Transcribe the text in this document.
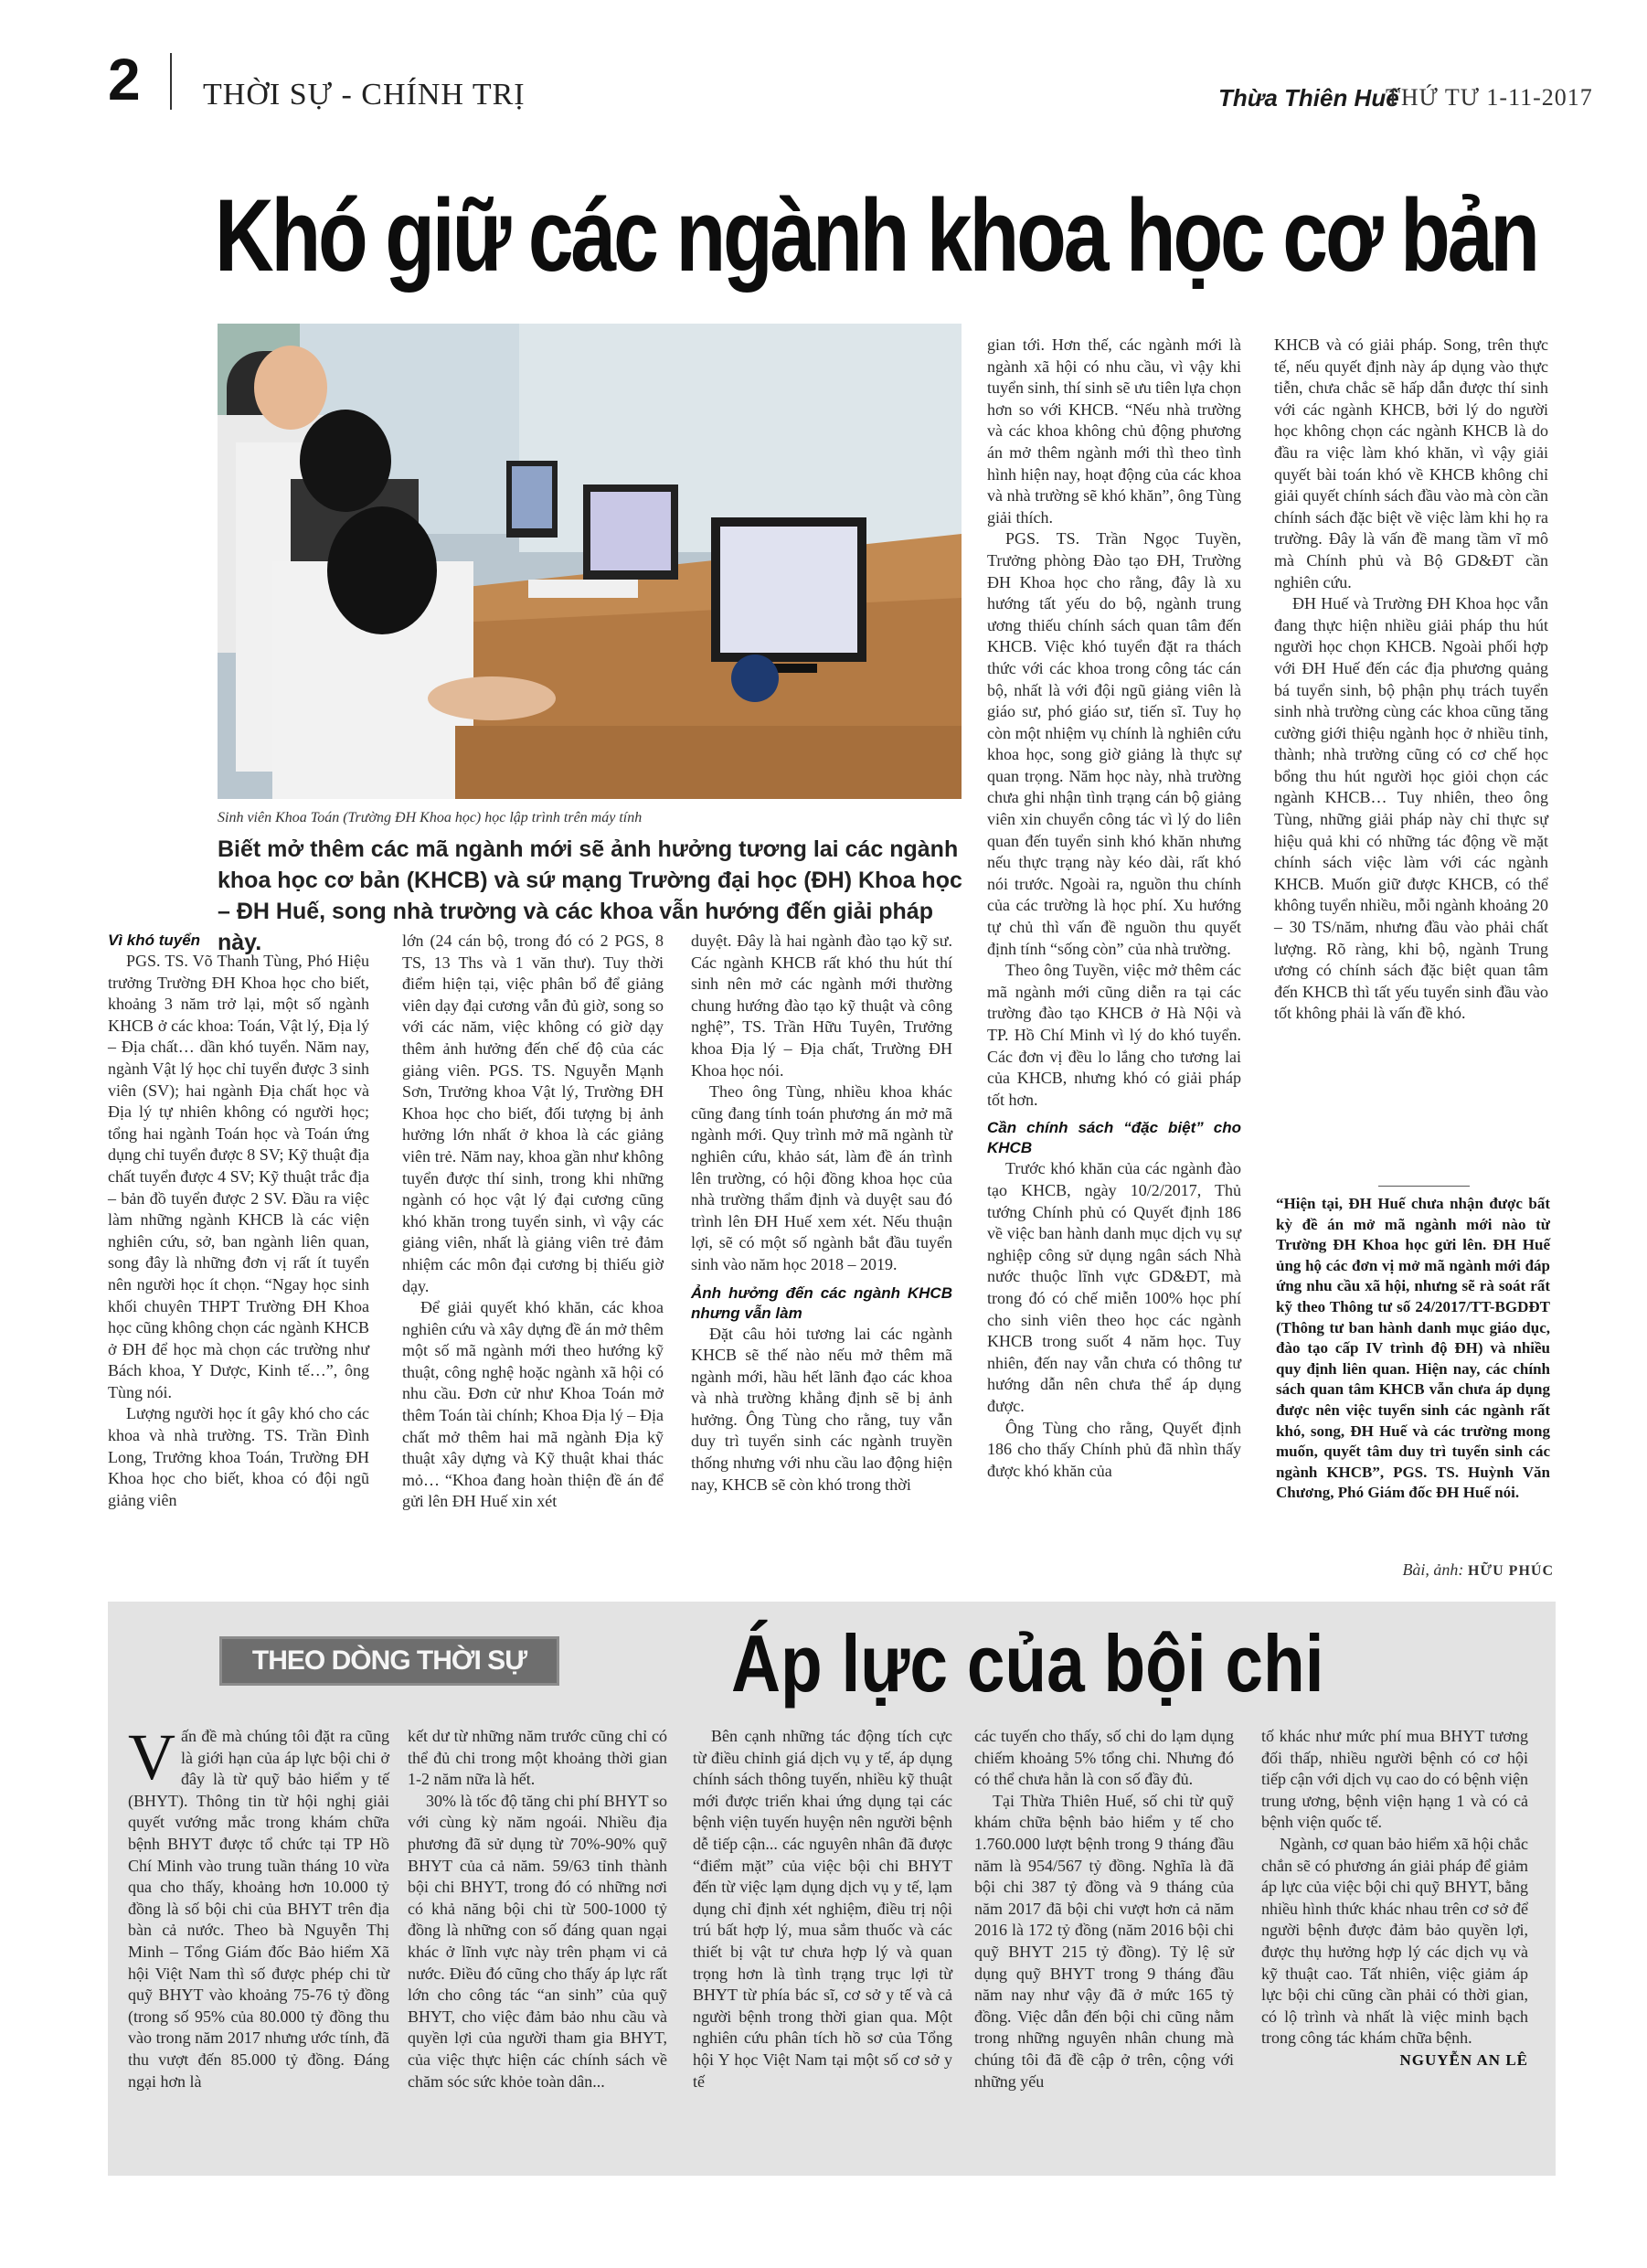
2 THỜI SỰ - CHÍNH TRỊ	Thừa Thiên Huế
THỨ TƯ 1-11-2017
Khó giữ các ngành khoa học cơ bản
Sinh viên Khoa Toán (Trường ĐH Khoa học) học lập trình trên máy tính
Biết mở thêm các mã ngành mới sẽ ảnh hưởng tương lai các ngành khoa học cơ bản (KHCB) và sứ mạng Trường đại học (ĐH) Khoa học – ĐH Huế, song nhà trường và các khoa vẫn hướng đến giải pháp này.
Vì khó tuyển

PGS. TS. Võ Thanh Tùng, Phó Hiệu trưởng Trường ĐH Khoa học cho biết, khoảng 3 năm trở lại, một số ngành KHCB ở các khoa: Toán, Vật lý, Địa lý – Địa chất… dần khó tuyển. Năm nay, ngành Vật lý học chỉ tuyển được 3 sinh viên (SV); hai ngành Địa chất học và Địa lý tự nhiên không có người học; tổng hai ngành Toán học và Toán ứng dụng chỉ tuyển được 8 SV; Kỹ thuật địa chất tuyển được 4 SV; Kỹ thuật trắc địa – bản đồ tuyển được 2 SV. Đầu ra việc làm những ngành KHCB là các viện nghiên cứu, sở, ban ngành liên quan, song đây là những đơn vị rất ít tuyển nên người học ít chọn. “Ngay học sinh khối chuyên THPT Trường ĐH Khoa học cũng không chọn các ngành KHCB ở ĐH để học mà chọn các trường như Bách khoa, Y Dược, Kinh tế…”, ông Tùng nói.

Lượng người học ít gây khó cho các khoa và nhà trường. TS. Trần Đình Long, Trưởng khoa Toán, Trường ĐH Khoa học cho biết, khoa có đội ngũ giảng viên

lớn (24 cán bộ, trong đó có 2 PGS, 8 TS, 13 Ths và 1 văn thư). Tuy thời điểm hiện tại, việc phân bổ để giảng viên dạy đại cương vẫn đủ giờ, song so với các năm, việc không có giờ dạy thêm ảnh hưởng đến chế độ của các giảng viên. PGS. TS. Nguyễn Mạnh Sơn, Trưởng khoa Vật lý, Trường ĐH Khoa học cho biết, đối tượng bị ảnh hưởng lớn nhất ở khoa là các giảng viên trẻ. Năm nay, khoa gần như không tuyển được thí sinh, trong khi những ngành có học vật lý đại cương cũng khó khăn trong tuyển sinh, vì vậy các giảng viên, nhất là giảng viên trẻ đảm nhiệm các môn đại cương bị thiếu giờ dạy.

Để giải quyết khó khăn, các khoa nghiên cứu và xây dựng đề án mở thêm một số mã ngành mới theo hướng kỹ thuật, công nghệ hoặc ngành xã hội có nhu cầu. Đơn cử như Khoa Toán mở thêm Toán tài chính; Khoa Địa lý – Địa chất mở thêm hai mã ngành Địa kỹ thuật xây dựng và Kỹ thuật khai thác mỏ… “Khoa đang hoàn thiện đề án để gửi lên ĐH Huế xin xét

duyệt. Đây là hai ngành đào tạo kỹ sư. Các ngành KHCB rất khó thu hút thí sinh nên mở các ngành mới thường chung hướng đào tạo kỹ thuật và công nghệ”, TS. Trần Hữu Tuyên, Trưởng khoa Địa lý – Địa chất, Trường ĐH Khoa học nói.

Theo ông Tùng, nhiều khoa khác cũng đang tính toán phương án mở mã ngành mới. Quy trình mở mã ngành từ nghiên cứu, khảo sát, làm đề án trình lên trường, có hội đồng khoa học của nhà trường thẩm định và duyệt sau đó trình lên ĐH Huế xem xét. Nếu thuận lợi, sẽ có một số ngành bắt đầu tuyển sinh vào năm học 2018 – 2019.

Ảnh hưởng đến các ngành KHCB nhưng vẫn làm

Đặt câu hỏi tương lai các ngành KHCB sẽ thế nào nếu mở thêm mã ngành mới, hầu hết lãnh đạo các khoa và nhà trường khẳng định sẽ bị ảnh hưởng. Ông Tùng cho rằng, tuy vẫn duy trì tuyển sinh các ngành truyền thống nhưng với nhu cầu lao động hiện nay, KHCB sẽ còn khó trong thời

gian tới. Hơn thế, các ngành mới là ngành xã hội có nhu cầu, vì vậy khi tuyển sinh, thí sinh sẽ ưu tiên lựa chọn hơn so với KHCB. “Nếu nhà trường và các khoa không chủ động phương án mở thêm ngành mới thì theo tình hình hiện nay, hoạt động của các khoa và nhà trường sẽ khó khăn”, ông Tùng giải thích.

PGS. TS. Trần Ngọc Tuyền, Trưởng phòng Đào tạo ĐH, Trường ĐH Khoa học cho rằng, đây là xu hướng tất yếu do bộ, ngành trung ương thiếu chính sách quan tâm đến KHCB. Việc khó tuyển đặt ra thách thức với các khoa trong công tác cán bộ, nhất là với đội ngũ giảng viên là giáo sư, phó giáo sư, tiến sĩ. Tuy họ còn một nhiệm vụ chính là nghiên cứu khoa học, song giờ giảng là thực sự quan trọng. Năm học này, nhà trường chưa ghi nhận tình trạng cán bộ giảng viên xin chuyển công tác vì lý do liên quan đến tuyển sinh khó khăn nhưng nếu thực trạng này kéo dài, rất khó nói trước. Ngoài ra, nguồn thu chính của các trường là học phí. Xu hướng tự chủ thì vấn đề nguồn thu quyết định tính “sống còn” của nhà trường.

Theo ông Tuyền, việc mở thêm các mã ngành mới cũng diễn ra tại các trường đào tạo KHCB ở Hà Nội và TP. Hồ Chí Minh vì lý do khó tuyển. Các đơn vị đều lo lắng cho tương lai của KHCB, nhưng khó có giải pháp tốt hơn.

Cần chính sách “đặc biệt” cho KHCB

Trước khó khăn của các ngành đào tạo KHCB, ngày 10/2/2017, Thủ tướng Chính phủ có Quyết định 186 về việc ban hành danh mục dịch vụ sự nghiệp công sử dụng ngân sách Nhà nước thuộc lĩnh vực GD&ĐT, mà trong đó có chế miễn 100% học phí cho sinh viên theo học các ngành KHCB trong suốt 4 năm học. Tuy nhiên, đến nay vẫn chưa có thông tư hướng dẫn nên chưa thể áp dụng được.

Ông Tùng cho rằng, Quyết định 186 cho thấy Chính phủ đã nhìn thấy được khó khăn của

KHCB và có giải pháp. Song, trên thực tế, nếu quyết định này áp dụng vào thực tiễn, chưa chắc sẽ hấp dẫn được thí sinh với các ngành KHCB, bởi lý do người học không chọn các ngành KHCB là do đầu ra việc làm khó khăn, vì vậy giải quyết bài toán khó về KHCB không chỉ giải quyết chính sách đầu vào mà còn cần chính sách đặc biệt về việc làm khi họ ra trường. Đây là vấn đề mang tầm vĩ mô mà Chính phủ và Bộ GD&ĐT cần nghiên cứu.

ĐH Huế và Trường ĐH Khoa học vẫn đang thực hiện nhiều giải pháp thu hút người học chọn KHCB. Ngoài phối hợp với ĐH Huế đến các địa phương quảng bá tuyển sinh, bộ phận phụ trách tuyển sinh nhà trường cùng các khoa cũng tăng cường giới thiệu ngành học ở nhiều tỉnh, thành; nhà trường cũng có cơ chế học bổng thu hút người học giỏi chọn các ngành KHCB… Tuy nhiên, theo ông Tùng, những giải pháp này chỉ thực sự hiệu quả khi có những tác động về mặt chính sách việc làm với các ngành KHCB. Muốn giữ được KHCB, có thể không tuyển nhiều, mỗi ngành khoảng 20 – 30 TS/năm, nhưng đầu vào phải chất lượng. Rõ ràng, khi bộ, ngành Trung ương có chính sách đặc biệt quan tâm đến KHCB thì tất yếu tuyển sinh đầu vào tốt không phải là vấn đề khó.

“Hiện tại, ĐH Huế chưa nhận được bất kỳ đề án mở mã ngành mới nào từ Trường ĐH Khoa học gửi lên. ĐH Huế ủng hộ các đơn vị mở mã ngành mới đáp ứng nhu cầu xã hội, nhưng sẽ rà soát rất kỹ theo Thông tư số 24/2017/TT-BGDĐT (Thông tư ban hành danh mục giáo dục, đào tạo cấp IV trình độ ĐH) và nhiều quy định liên quan. Hiện nay, các chính sách quan tâm KHCB vẫn chưa áp dụng được nên việc tuyển sinh các ngành rất khó, song, ĐH Huế và các trường mong muốn, quyết tâm duy trì tuyển sinh các ngành KHCB”, PGS. TS. Huỳnh Văn Chương, Phó Giám đốc ĐH Huế nói.
Bài, ảnh: HỮU PHÚC
THEO DÒNG THỜI SỰ	Áp lực của bội chi

Vấn đề mà chúng tôi đặt ra cũng là giới hạn của áp lực bội chi ở đây là từ quỹ bảo hiểm y tế (BHYT). Thông tin từ hội nghị giải quyết vướng mắc trong khám chữa bệnh BHYT được tổ chức tại TP Hồ Chí Minh vào trung tuần tháng 10 vừa qua cho thấy, khoảng hơn 10.000 tỷ đồng là số bội chi của BHYT trên địa bàn cả nước. Theo bà Nguyễn Thị Minh – Tổng Giám đốc Bảo hiểm Xã hội Việt Nam thì số được phép chi từ quỹ BHYT vào khoảng 75-76 tỷ đồng (trong số 95% của 80.000 tỷ đồng thu vào trong năm 2017 nhưng ước tính, đã thu vượt đến 85.000 tỷ đồng. Đáng ngại hơn là

kết dư từ những năm trước cũng chỉ có thể đủ chi trong một khoảng thời gian 1-2 năm nữa là hết.

30% là tốc độ tăng chi phí BHYT so với cùng kỳ năm ngoái. Nhiều địa phương đã sử dụng từ 70%-90% quỹ BHYT của cả năm. 59/63 tỉnh thành bội chi BHYT, trong đó có những nơi có khả năng bội chi từ 500-1000 tỷ đồng là những con số đáng quan ngại khác ở lĩnh vực này trên phạm vi cả nước. Điều đó cũng cho thấy áp lực rất lớn cho công tác “an sinh” của quỹ BHYT, cho việc đảm bảo nhu cầu và quyền lợi của người tham gia BHYT, của việc thực hiện các chính sách về chăm sóc sức khỏe toàn dân...

Bên cạnh những tác động tích cực từ điều chỉnh giá dịch vụ y tế, áp dụng chính sách thông tuyến, nhiều kỹ thuật mới được triển khai ứng dụng tại các bệnh viện tuyến huyện nên người bệnh dễ tiếp cận... các nguyên nhân đã được “điểm mặt” của việc bội chi BHYT đến từ việc lạm dụng dịch vụ y tế, lạm dụng chỉ định xét nghiệm, điều trị nội trú bất hợp lý, mua sắm thuốc và các thiết bị vật tư chưa hợp lý và quan trọng hơn là tình trạng trục lợi từ BHYT từ phía bác sĩ, cơ sở y tế và cả người bệnh trong thời gian qua. Một nghiên cứu phân tích hồ sơ của Tổng hội Y học Việt Nam tại một số cơ sở y tế

các tuyến cho thấy, số chi do lạm dụng chiếm khoảng 5% tổng chi. Nhưng đó có thể chưa hẳn là con số đầy đủ.

Tại Thừa Thiên Huế, số chi từ quỹ khám chữa bệnh bảo hiểm y tế cho 1.760.000 lượt bệnh trong 9 tháng đầu năm là 954/567 tỷ đồng. Nghĩa là đã bội chi 387 tỷ đồng và 9 tháng của năm 2017 đã bội chi vượt hơn cả năm 2016 là 172 tỷ đồng (năm 2016 bội chi quỹ BHYT 215 tỷ đồng). Tỷ lệ sử dụng quỹ BHYT trong 9 tháng đầu năm nay như vậy đã ở mức 165 tỷ đồng. Việc dẫn đến bội chi cũng nằm trong những nguyên nhân chung mà chúng tôi đã đề cập ở trên, cộng với những yếu

tố khác như mức phí mua BHYT tương đối thấp, nhiều người bệnh có cơ hội tiếp cận với dịch vụ cao do có bệnh viện trung ương, bệnh viện hạng 1 và có cả bệnh viện quốc tế.

Ngành, cơ quan bảo hiểm xã hội chắc chắn sẽ có phương án giải pháp để giảm áp lực của việc bội chi quỹ BHYT, bằng nhiều hình thức khác nhau trên cơ sở để người bệnh được đảm bảo quyền lợi, được thụ hưởng hợp lý các dịch vụ và kỹ thuật cao. Tất nhiên, việc giảm áp lực bội chi cũng cần phải có thời gian, có lộ trình và nhất là việc minh bạch trong công tác khám chữa bệnh.

NGUYỄN AN LÊ
